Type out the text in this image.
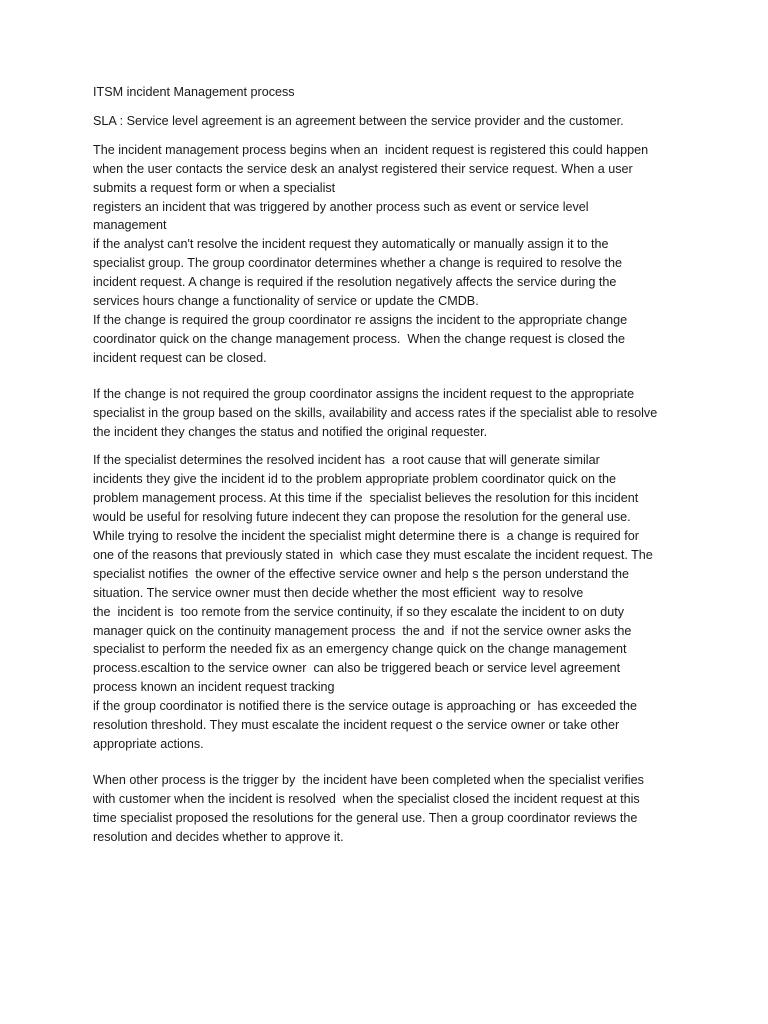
ITSM incident Management process
SLA : Service level agreement is an agreement between the service provider and the customer.
The incident management process begins when an  incident request is registered this could happen
when the user contacts the service desk an analyst registered their service request. When a user
submits a request form or when a specialist
registers an incident that was triggered by another process such as event or service level
management
if the analyst can't resolve the incident request they automatically or manually assign it to the
specialist group. The group coordinator determines whether a change is required to resolve the
incident request. A change is required if the resolution negatively affects the service during the
services hours change a functionality of service or update the CMDB.
If the change is required the group coordinator re assigns the incident to the appropriate change
coordinator quick on the change management process.  When the change request is closed the
incident request can be closed.
If the change is not required the group coordinator assigns the incident request to the appropriate
specialist in the group based on the skills, availability and access rates if the specialist able to resolve
the incident they changes the status and notified the original requester.
If the specialist determines the resolved incident has  a root cause that will generate similar
incidents they give the incident id to the problem appropriate problem coordinator quick on the
problem management process. At this time if the  specialist believes the resolution for this incident
would be useful for resolving future indecent they can propose the resolution for the general use.
While trying to resolve the incident the specialist might determine there is  a change is required for
one of the reasons that previously stated in  which case they must escalate the incident request. The
specialist notifies  the owner of the effective service owner and help s the person understand the
situation. The service owner must then decide whether the most efficient  way to resolve
the  incident is  too remote from the service continuity, if so they escalate the incident to on duty
manager quick on the continuity management process  the and  if not the service owner asks the
specialist to perform the needed fix as an emergency change quick on the change management
process.escaltion to the service owner  can also be triggered beach or service level agreement
process known an incident request tracking
if the group coordinator is notified there is the service outage is approaching or  has exceeded the
resolution threshold. They must escalate the incident request o the service owner or take other
appropriate actions.
When other process is the trigger by  the incident have been completed when the specialist verifies
with customer when the incident is resolved  when the specialist closed the incident request at this
time specialist proposed the resolutions for the general use. Then a group coordinator reviews the
resolution and decides whether to approve it.
